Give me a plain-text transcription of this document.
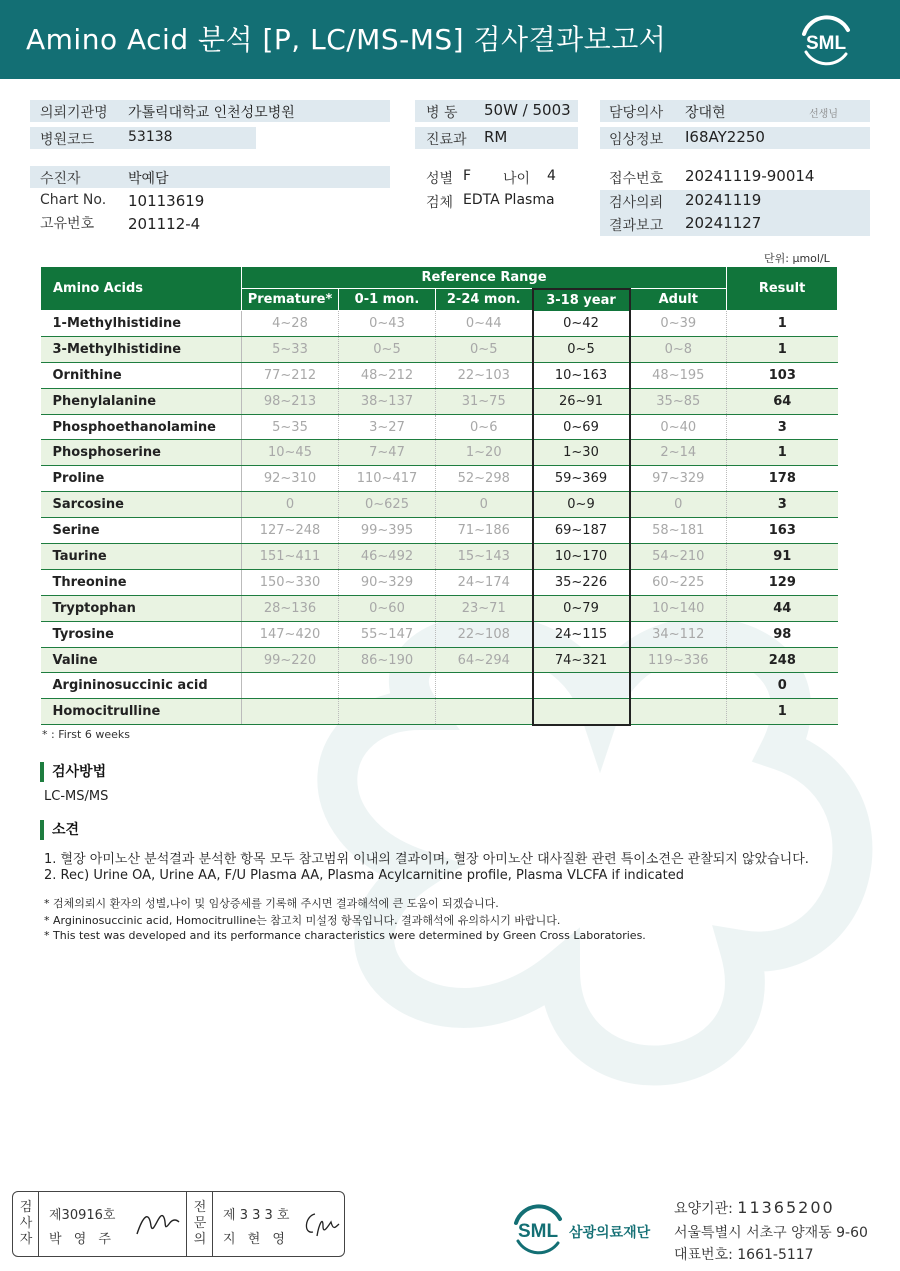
Amino Acid 분석 [P, LC/MS-MS] 검사결과보고서	SML
의뢰기관명 가톨릭대학교 인천성모병원
병원코드 53138
병 동 50W / 5003
진료과 RM
담당의사 장대현	선생님
임상정보 I68AY2250
수진자	박예담
Chart No. 10113619
고유번호 201112-4
성별 F 나이 4
검체 EDTA Plasma
접수번호 20241119-90014
검사의뢰 20241119
결과보고 20241127
단위: μmol/L
Amino Acids	Reference Range					Result
	Premature*	0-1 mon.	2-24 mon.	3-18 year	Adult	
1-Methylhistidine	4~28	0~43	0~44	0~42	0~39	1
3-Methylhistidine	5~33	0~5	0~5	0~5	0~8	1
Ornithine	77~212	48~212	22~103	10~163	48~195	103
Phenylalanine	98~213	38~137	31~75	26~91	35~85	64
Phosphoethanolamine	5~35	3~27	0~6	0~69	0~40	3
Phosphoserine	10~45	7~47	1~20	1~30	2~14	1
Proline	92~310	110~417	52~298	59~369	97~329	178
Sarcosine	0	0~625	0	0~9	0	3
Serine	127~248	99~395	71~186	69~187	58~181	163
Taurine	151~411	46~492	15~143	10~170	54~210	91
Threonine	150~330	90~329	24~174	35~226	60~225	129
Tryptophan	28~136	0~60	23~71	0~79	10~140	44
Tyrosine	147~420	55~147	22~108	24~115	34~112	98
Valine	99~220	86~190	64~294	74~321	119~336	248
Argininosuccinic acid						0
Homocitrulline						1
* : First 6 weeks
검사방법
LC-MS/MS
소견
1. 혈장 아미노산 분석결과 분석한 항목 모두 참고범위 이내의 결과이며, 혈장 아미노산 대사질환 관련 특이소견은 관찰되지 않았습니다.
2. Rec) Urine OA, Urine AA, F/U Plasma AA, Plasma Acylcarnitine profile, Plasma VLCFA if indicated
* 검체의뢰시 환자의 성별,나이 및 임상증세를 기록해 주시면 결과해석에 큰 도움이 되겠습니다.
* Argininosuccinic acid, Homocitrulline는 참고치 미설정 항목입니다. 결과해석에 유의하시기 바랍니다.
* This test was developed and its performance characteristics were determined by Green Cross Laboratories.
검
사
자
제30916호
박 영 주
전
문
의
제 3 3 3 호
지 현 영	SML 삼광의료재단
요양기관: 11365200
서울특별시 서초구 양재동 9-60
대표번호: 1661-5117
